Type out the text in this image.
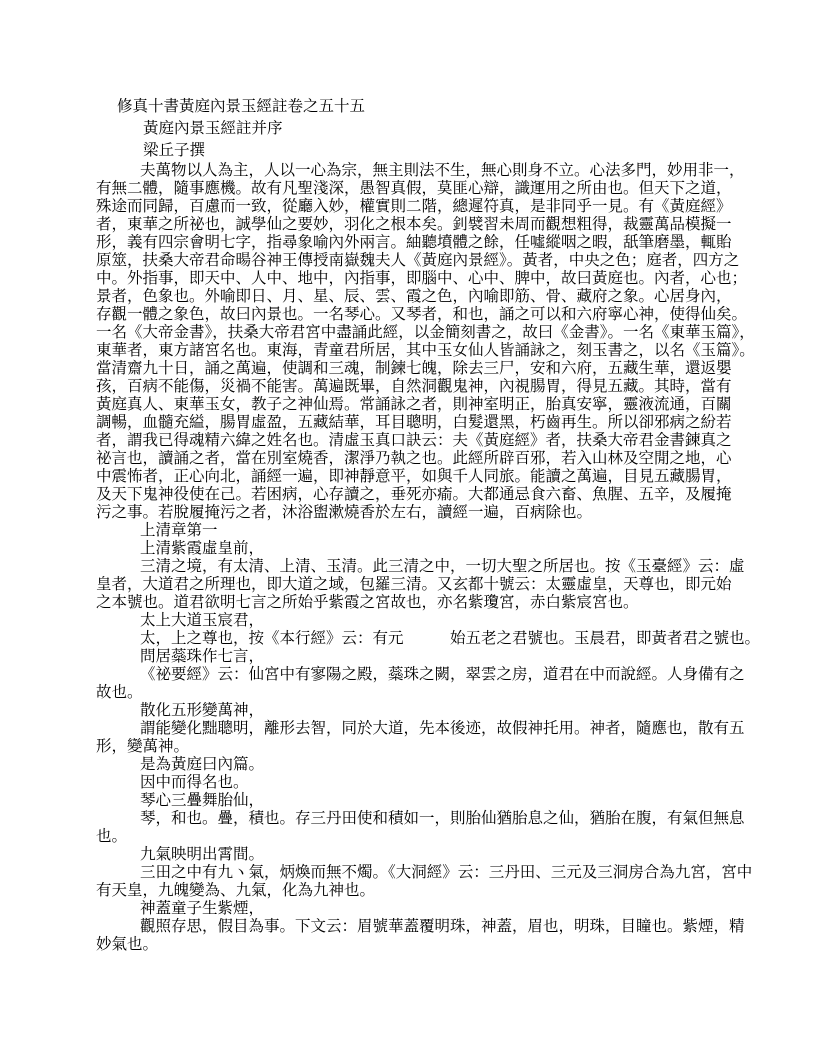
修真十書黃庭內景玉經註卷之五十五
黃庭內景玉經註并序
梁丘子撰
夫萬物以人為主，人以一心為宗，無主則法不生，無心則身不立。心法多門，妙用非一，
有無二體，隨事應機。故有凡聖淺深，愚智真假，莫匪心辯，識運用之所由也。但天下之道，
殊途而同歸，百慮而一致，從廳入妙，權實則二階，總遲符真，是非同乎一見。有《黃庭經》
者，東華之所祕也，誠學仙之要妙，羽化之根本矣。釗襞習未周而觀想粗得，裁靈萬品模擬一
形，義有四宗會明七字，指尋象喻內外兩言。紬聽墳體之餘，任噓縱咽之暇，舐筆磨墨，輒貽
原筮，扶桑大帝君命暘谷神王傳授南嶽魏夫人《黃庭內景經》。黃者，中央之色；庭者，四方之
中。外指事，即天中、人中、地中，內指事，即腦中、心中、脾中，故曰黃庭也。內者，心也；
景者，色象也。外喻即日、月、星、辰、雲、霞之色，內喻即筋、骨、藏府之象。心居身內，
存觀一體之象色，故曰內景也。一名琴心。又琴者，和也，誦之可以和六府寧心神，使得仙矣。
一名《大帝金書》，扶桑大帝君宮中盡誦此經，以金簡刻書之，故曰《金書》。一名《東華玉篇》，
東華者，東方諸宮名也。東海，青童君所居，其中玉女仙人皆誦詠之，刻玉書之，以名《玉篇》。
當清齋九十日，誦之萬遍，使調和三魂，制鍊七魄，除去三尸，安和六府，五藏生華，還返嬰
孩，百病不能傷，災禍不能害。萬遍既畢，自然洞觀鬼神，內視腸胃，得見五藏。其時，當有
黃庭真人、東華玉女，教子之神仙焉。常誦詠之者，則神室明正，胎真安寧，靈液流通，百關
調暢，血髓充縊，腸胃虛盈，五藏結華，耳目聰明，白髮還黑，朽齒再生。所以卻邪病之紛若
者，謂我已得魂精六緯之姓名也。清虛玉真口訣云：夫《黃庭經》者，扶桑大帝君金書鍊真之
祕言也，讀誦之者，當在別室燒香，潔淨乃執之也。此經所辟百邪，若入山林及空閒之地，心
中震怖者，正心向北，誦經一遍，即神靜意平，如與千人同旅。能讀之萬遍，目見五藏腸胃，
及天下鬼神役使在己。若困病，心存讀之，垂死亦瘉。大都通忌食六畜、魚腥、五辛，及履掩
污之事。若脫履掩污之者，沐浴盥漱燒香於左右，讀經一遍，百病除也。
上清章第一
上清紫霞虛皇前，
三清之境，有太清、上清、玉清。此三清之中，一切大聖之所居也。按《玉臺經》云：虛
皇者，大道君之所理也，即大道之域，包羅三清。又玄都十號云：太靈虛皇，天尊也，即元始
之本號也。道君欲明七言之所始乎紫霞之宮故也，亦名紫瓊宮，赤白紫宸宮也。
太上大道玉宸君，
太，上之尊也，按《本行經》云：有元　　　始五老之君號也。玉晨君，即黃者君之號也。
問居蘂珠作七言，
《祕要經》云：仙宮中有寥陽之殿，蘂珠之闕，翠雲之房，道君在中而說經。人身備有之
故也。
散化五形變萬神，
謂能變化黜聰明，離形去智，同於大道，先本後迹，故假神托用。神者，隨應也，散有五
形，變萬神。
是為黃庭曰內篇。
因中而得名也。
琴心三疊舞胎仙，
琴，和也。疊，積也。存三丹田使和積如一，則胎仙猶胎息之仙，猶胎在腹，有氣但無息
也。
九氣映明出霄間。
三田之中有九ヽ氣，炳煥而無不燭。《大洞經》云：三丹田、三元及三洞房合為九宮，宮中
有天皇，九魄變為、九氣，化為九神也。
神蓋童子生紫煙，
觀照存思，假目為事。下文云：眉號華蓋覆明珠，神蓋，眉也，明珠，目瞳也。紫煙，精
妙氣也。
